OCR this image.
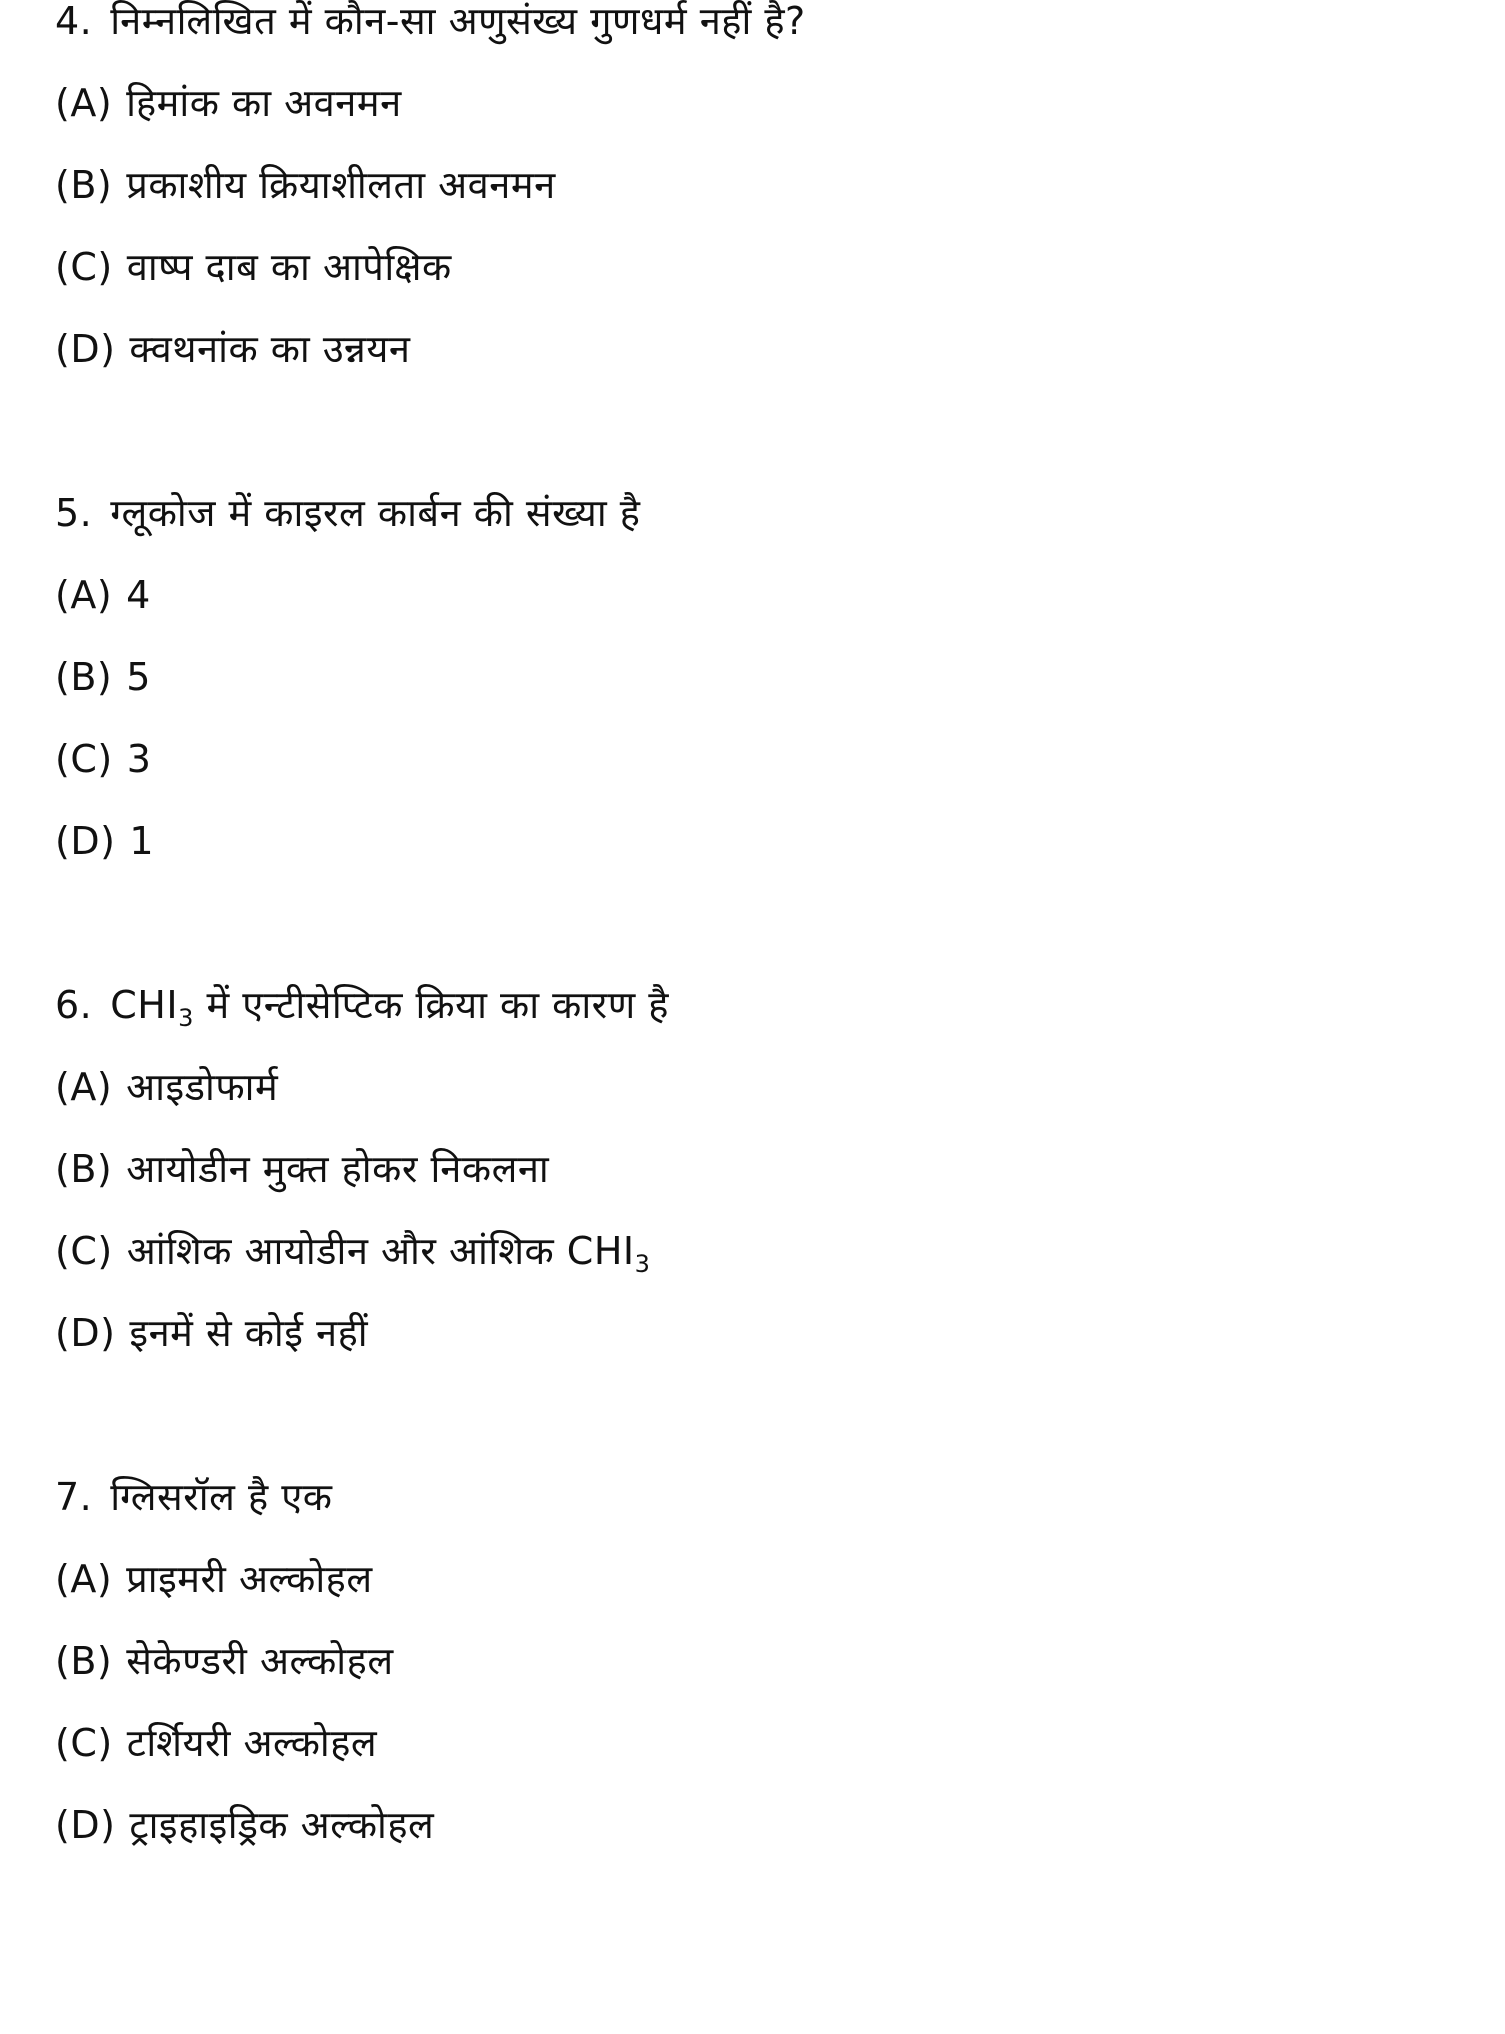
4. निम्नलिखित में कौन-सा अणुसंख्य गुणधर्म नहीं है?
(A) हिमांक का अवनमन
(B) प्रकाशीय क्रियाशीलता अवनमन
(C) वाष्प दाब का आपेक्षिक
(D) क्वथनांक का उन्नयन
5. ग्लूकोज में काइरल कार्बन की संख्या है
(A) 4
(B) 5
(C) 3
(D) 1
6. $CHI_3$ में एन्टीसेप्टिक क्रिया का कारण है
(A) आइडोफार्म
(B) आयोडीन मुक्त होकर निकलना
(C) आंशिक आयोडीन और आंशिक $CHI_3$
(D) इनमें से कोई नहीं
7. ग्लिसरॉल है एक
(A) प्राइमरी अल्कोहल
(B) सेकेण्डरी अल्कोहल
(C) टर्शियरी अल्कोहल
(D) ट्राइहाइड्रिक अल्कोहल
